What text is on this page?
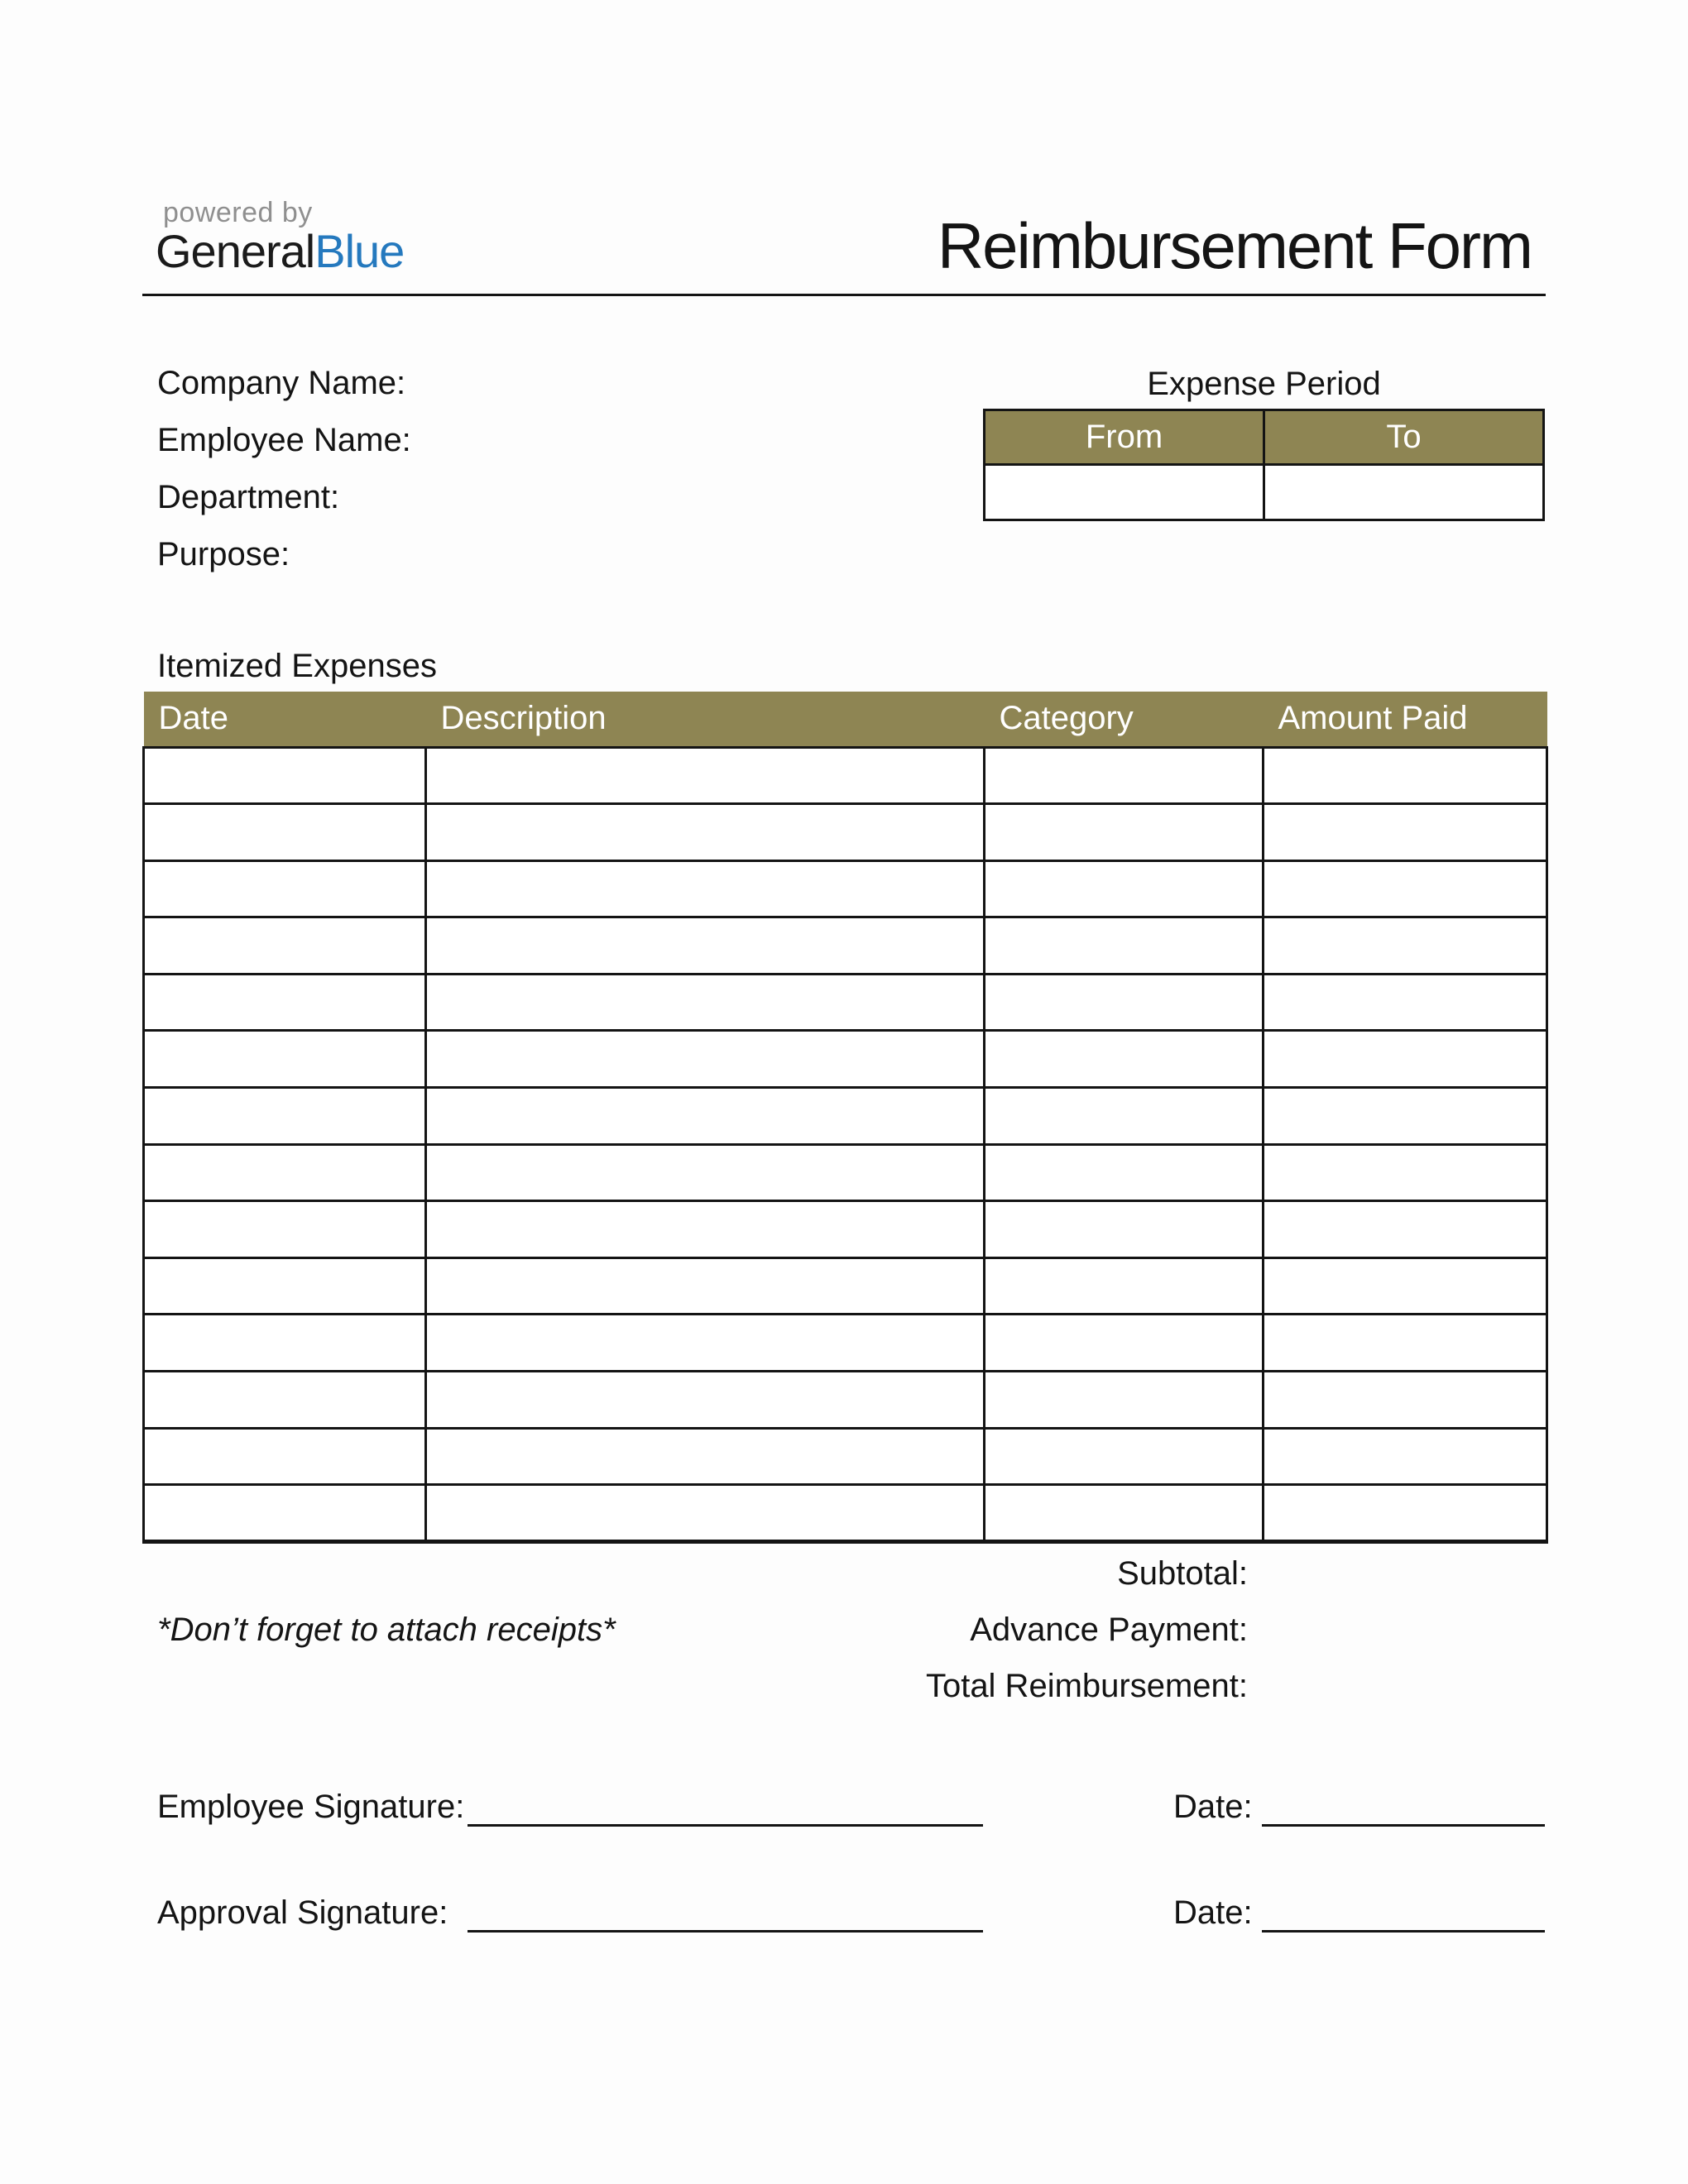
powered by
GeneralBlue	Reimbursement Form
Company Name:
Employee Name:
Department:
Purpose:
Expense Period
From	To

Itemized Expenses
Date	Description	Category	Amount Paid

Subtotal:
Advance Payment:
Total Reimbursement:
*Don’t forget to attach receipts*
Employee Signature:	Date:
Approval Signature:	Date:
